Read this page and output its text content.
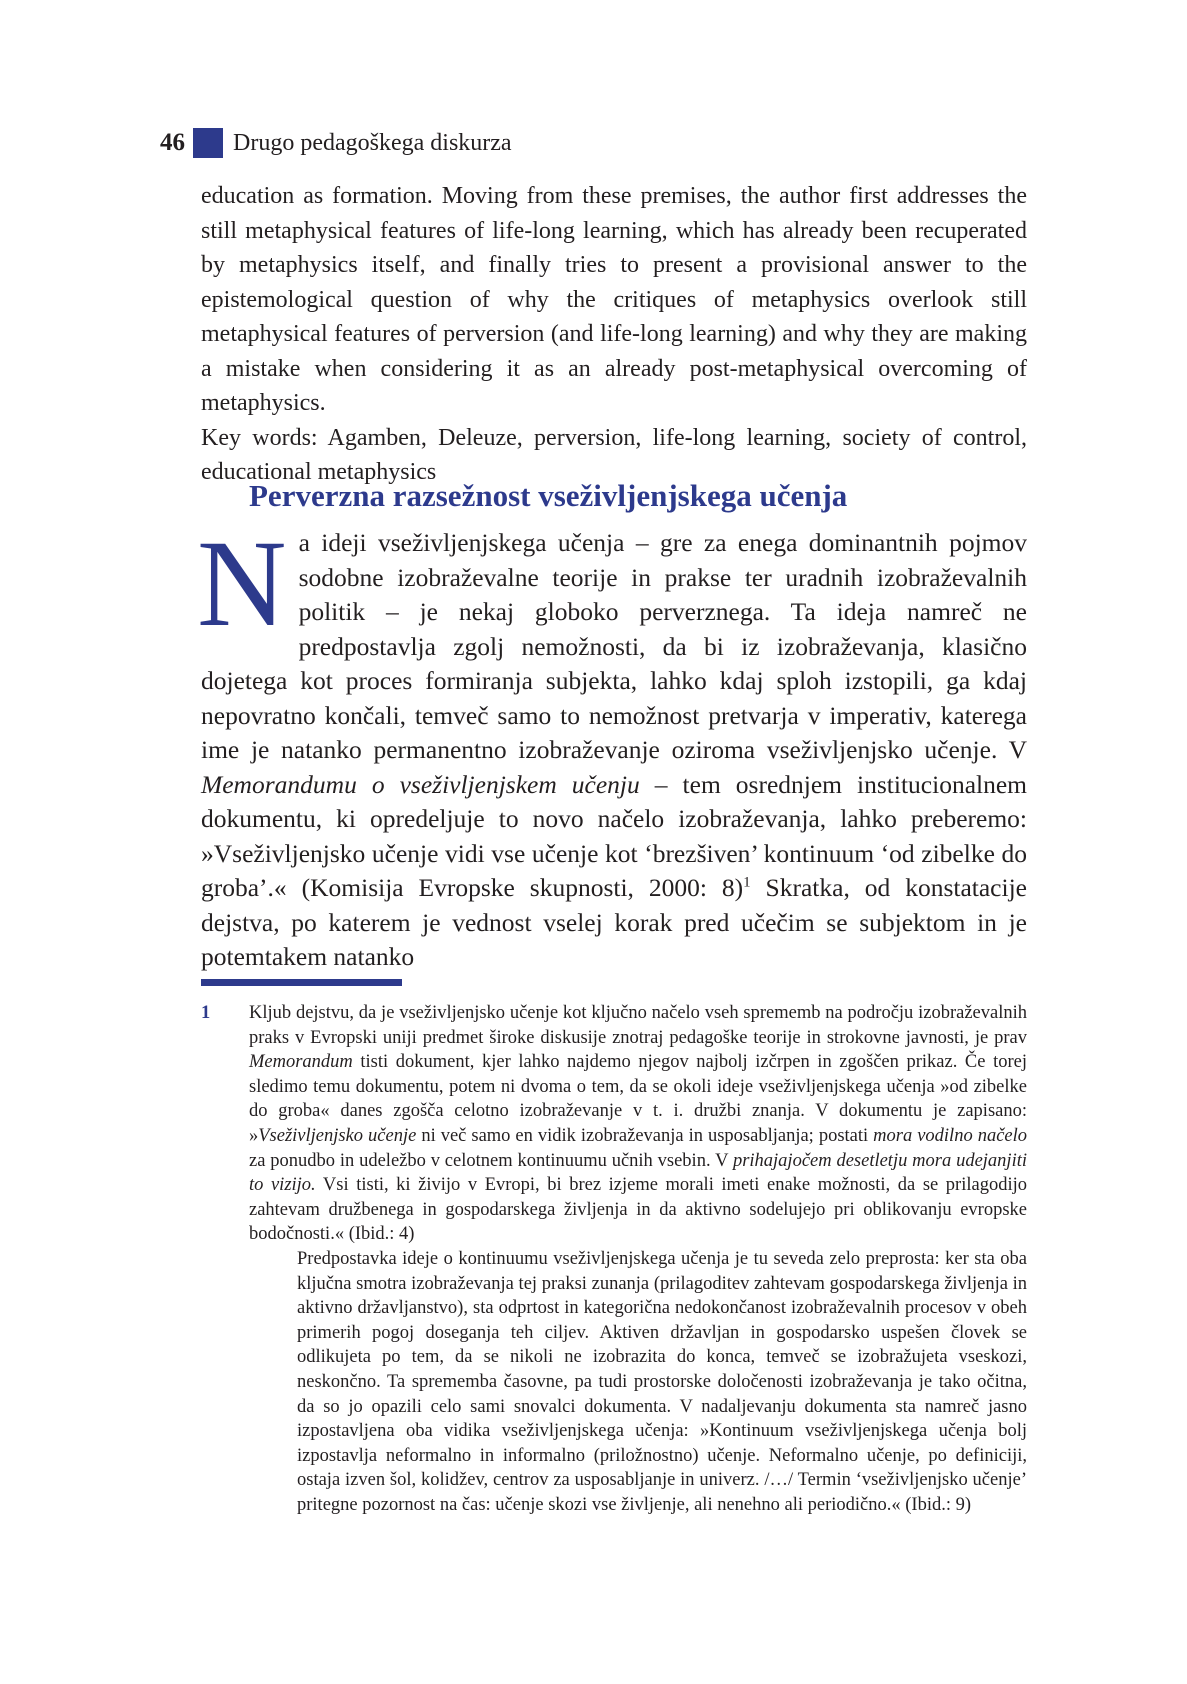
46 Drugo pedagoškega diskurza

education as formation. Moving from these premises, the author first addresses the still metaphysical features of life-long learning, which has already been recuperated by metaphysics itself, and finally tries to present a provisional answer to the epistemological question of why the critiques of metaphysics overlook still metaphysical features of perversion (and life-long learning) and why they are making a mistake when considering it as an already post-metaphysical overcoming of metaphysics.

Key words: Agamben, Deleuze, perversion, life-long learning, society of control, educational metaphysics

Perverzna razsežnost vseživljenjskega učenja

Na ideji vseživljenjskega učenja – gre za enega dominantnih pojmov sodobne izobraževalne teorije in prakse ter uradnih izobraževalnih politik – je nekaj globoko perverznega. Ta ideja namreč ne predpostavlja zgolj nemožnosti, da bi iz izobraževanja, klasično dojetega kot proces formiranja subjekta, lahko kdaj sploh izstopili, ga kdaj nepovratno končali, temveč samo to nemožnost pretvarja v imperativ, katerega ime je natanko permanentno izobraževanje oziroma vseživljenjsko učenje. V Memorandumu o vseživljenjskem učenju – tem osrednjem institucionalnem dokumentu, ki opredeljuje to novo načelo izobraževanja, lahko preberemo: »Vseživljenjsko učenje vidi vse učenje kot ‘brezšiven’ kontinuum ‘od zibelke do groba’.« (Komisija Evropske skupnosti, 2000: 8)$^1$ Skratka, od konstatacije dejstva, po katerem je vednost vselej korak pred učečim se subjektom in je potemtakem natanko

1 Kljub dejstvu, da je vseživljenjsko učenje kot ključno načelo vseh sprememb na področju izobraževalnih praks v Evropski uniji predmet široke diskusije znotraj pedagoške teorije in strokovne javnosti, je prav Memorandum tisti dokument, kjer lahko najdemo njegov najbolj izčrpen in zgoščen prikaz. Če torej sledimo temu dokumentu, potem ni dvoma o tem, da se okoli ideje vseživljenjskega učenja »od zibelke do groba« danes zgošča celotno izobraževanje v t. i. družbi znanja. V dokumentu je zapisano: »Vseživljenjsko učenje ni več samo en vidik izobraževanja in usposabljanja; postati mora vodilno načelo za ponudbo in udeležbo v celotnem kontinuumu učnih vsebin. V prihajajočem desetletju mora udejanjiti to vizijo. Vsi tisti, ki živijo v Evropi, bi brez izjeme morali imeti enake možnosti, da se prilagodijo zahtevam družbenega in gospodarskega življenja in da aktivno sodelujejo pri oblikovanju evropske bodočnosti.« (Ibid.: 4)

Predpostavka ideje o kontinuumu vseživljenjskega učenja je tu seveda zelo preprosta: ker sta oba ključna smotra izobraževanja tej praksi zunanja (prilagoditev zahtevam gospodarskega življenja in aktivno državljanstvo), sta odprtost in kategorična nedokončanost izobraževalnih procesov v obeh primerih pogoj doseganja teh ciljev. Aktiven državljan in gospodarsko uspešen človek se odlikujeta po tem, da se nikoli ne izobrazita do konca, temveč se izobražujeta vseskozi, neskončno. Ta sprememba časovne, pa tudi prostorske določenosti izobraževanja je tako očitna, da so jo opazili celo sami snovalci dokumenta. V nadaljevanju dokumenta sta namreč jasno izpostavljena oba vidika vseživljenjskega učenja: »Kontinuum vseživljenjskega učenja bolj izpostavlja neformalno in informalno (priložnostno) učenje. Neformalno učenje, po definiciji, ostaja izven šol, kolidžev, centrov za usposabljanje in univerz. /…/ Termin ‘vseživljenjsko učenje’ pritegne pozornost na čas: učenje skozi vse življenje, ali nenehno ali periodično.« (Ibid.: 9)
